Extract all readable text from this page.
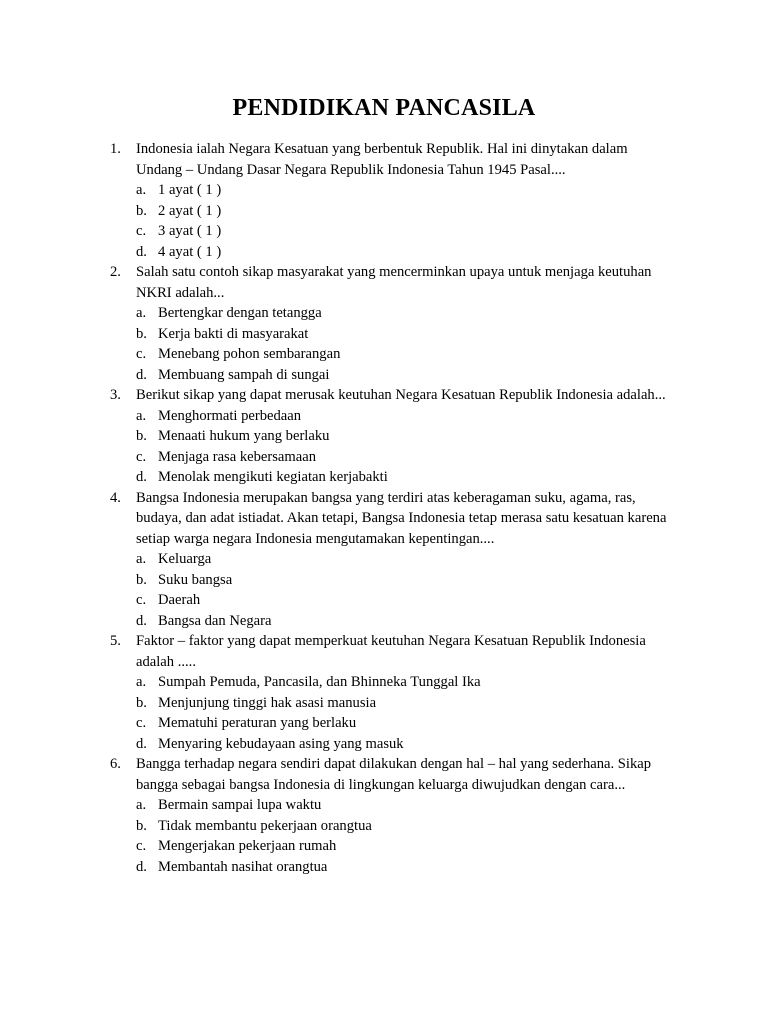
PENDIDIKAN PANCASILA
1.	Indonesia ialah Negara Kesatuan yang berbentuk Republik. Hal ini dinytakan dalam Undang – Undang Dasar Negara Republik Indonesia Tahun 1945 Pasal....
a. 1 ayat ( 1 )
b. 2 ayat ( 1 )
c. 3 ayat ( 1 )
d. 4 ayat ( 1 )
2.	Salah satu contoh sikap masyarakat yang mencerminkan upaya untuk menjaga keutuhan NKRI adalah...
a. Bertengkar dengan tetangga
b. Kerja bakti di masyarakat
c. Menebang pohon sembarangan
d. Membuang sampah di sungai
3.	Berikut sikap yang dapat merusak keutuhan Negara Kesatuan Republik Indonesia adalah...
a. Menghormati perbedaan
b. Menaati hukum yang berlaku
c. Menjaga rasa kebersamaan
d. Menolak mengikuti kegiatan kerjabakti
4.	Bangsa Indonesia merupakan bangsa yang terdiri atas keberagaman suku, agama, ras, budaya, dan adat istiadat. Akan tetapi, Bangsa Indonesia tetap merasa satu kesatuan karena setiap warga negara Indonesia mengutamakan kepentingan....
a. Keluarga
b. Suku bangsa
c. Daerah
d. Bangsa dan Negara
5.	Faktor – faktor yang dapat memperkuat keutuhan Negara Kesatuan Republik Indonesia adalah .....
a. Sumpah Pemuda, Pancasila, dan Bhinneka Tunggal Ika
b. Menjunjung tinggi hak asasi manusia
c. Mematuhi peraturan yang berlaku
d. Menyaring kebudayaan asing yang masuk
6.	Bangga terhadap negara sendiri dapat dilakukan dengan hal – hal yang sederhana. Sikap bangga sebagai bangsa Indonesia di lingkungan keluarga diwujudkan dengan cara...
a. Bermain sampai lupa waktu
b. Tidak membantu pekerjaan orangtua
c. Mengerjakan pekerjaan rumah
d. Membantah nasihat orangtua
